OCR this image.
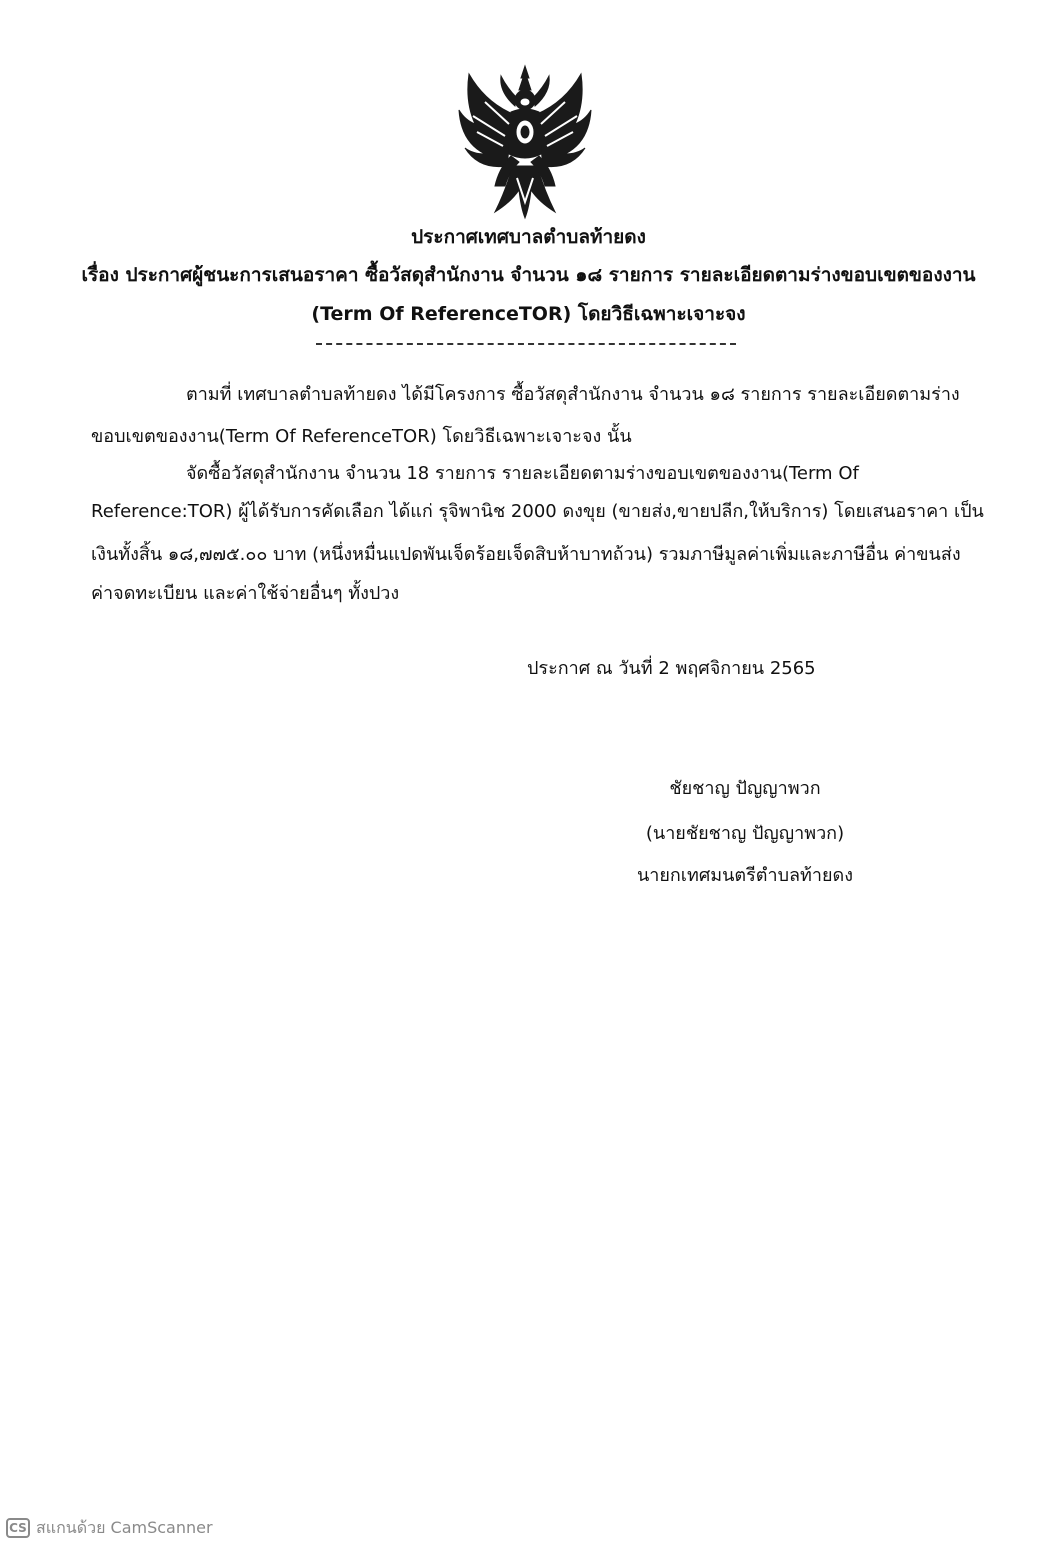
ประกาศเทศบาลตำบลท้ายดง
เรื่อง ประกาศผู้ชนะการเสนอราคา ซื้อวัสดุสำนักงาน จำนวน ๑๘ รายการ รายละเอียดตามร่างขอบเขตของงาน
(Term Of ReferenceTOR) โดยวิธีเฉพาะเจาะจง
ตามที่ เทศบาลตำบลท้ายดง ได้มีโครงการ ซื้อวัสดุสำนักงาน จำนวน ๑๘ รายการ รายละเอียดตามร่าง
ขอบเขตของงาน(Term Of ReferenceTOR) โดยวิธีเฉพาะเจาะจง นั้น
จัดซื้อวัสดุสำนักงาน จำนวน 18 รายการ รายละเอียดตามร่างขอบเขตของงาน(Term Of
Reference:TOR) ผู้ได้รับการคัดเลือก ได้แก่ รุจิพานิช 2000 ดงขุย (ขายส่ง,ขายปลีก,ให้บริการ) โดยเสนอราคา เป็น
เงินทั้งสิ้น ๑๘,๗๗๕.๐๐ บาท (หนึ่งหมื่นแปดพันเจ็ดร้อยเจ็ดสิบห้าบาทถ้วน) รวมภาษีมูลค่าเพิ่มและภาษีอื่น ค่าขนส่ง
ค่าจดทะเบียน และค่าใช้จ่ายอื่นๆ ทั้งปวง
ประกาศ ณ วันที่ 2 พฤศจิกายน 2565
ชัยชาญ ปัญญาพวก
(นายชัยชาญ ปัญญาพวก)
นายกเทศมนตรีตำบลท้ายดง
CS สแกนด้วย CamScanner
